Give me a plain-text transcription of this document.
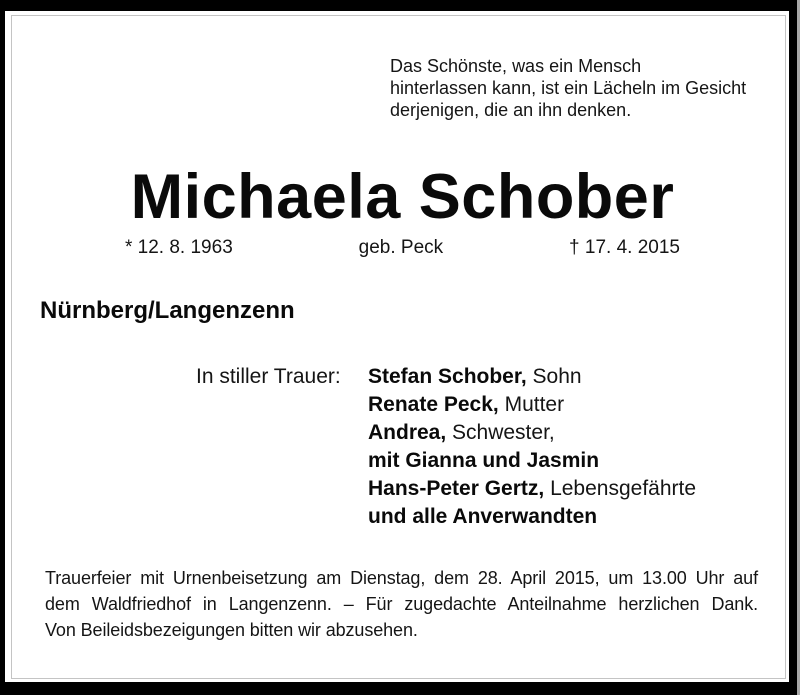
Das Schönste, was ein Mensch
hinterlassen kann, ist ein Lächeln im Gesicht
derjenigen, die an ihn denken.
Michaela Schober
* 12. 8. 1963	geb. Peck	† 17. 4. 2015
Nürnberg/Langenzenn
In stiller Trauer:	Stefan Schober, Sohn
Renate Peck, Mutter
Andrea, Schwester,
mit Gianna und Jasmin
Hans-Peter Gertz, Lebensgefährte
und alle Anverwandten
Trauerfeier mit Urnenbeisetzung am Dienstag, dem 28. April 2015, um 13.00 Uhr auf
dem Waldfriedhof in Langenzenn. – Für zugedachte Anteilnahme herzlichen Dank.
Von Beileidsbezeigungen bitten wir abzusehen.
